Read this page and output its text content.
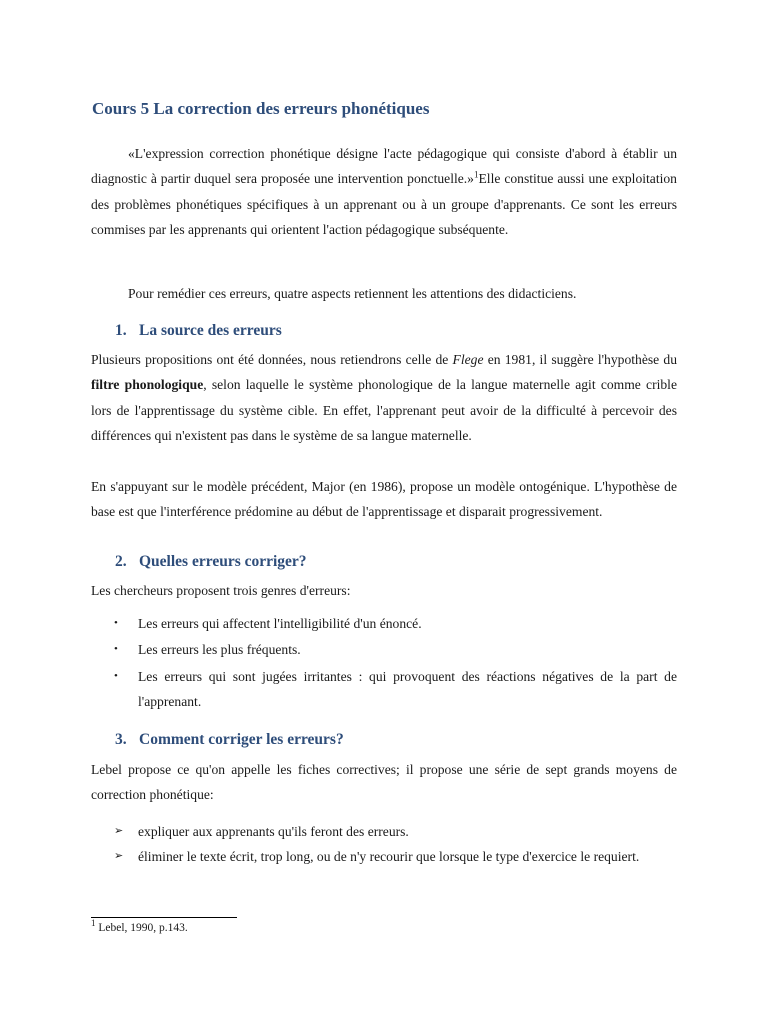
Cours 5 La correction des erreurs phonétiques

«L'expression correction phonétique désigne l'acte pédagogique qui consiste d'abord à établir un diagnostic à partir duquel sera proposée une intervention ponctuelle.»$^1$Elle constitue aussi une exploitation des problèmes phonétiques spécifiques à un apprenant ou à un groupe d'apprenants. Ce sont les erreurs commises par les apprenants qui orientent l'action pédagogique subséquente.

Pour remédier ces erreurs, quatre aspects retiennent les attentions des didacticiens.

1. La source des erreurs

Plusieurs propositions ont été données, nous retiendrons celle de Flege en 1981, il suggère l'hypothèse du filtre phonologique, selon laquelle le système phonologique de la langue maternelle agit comme crible lors de l'apprentissage du système cible. En effet, l'apprenant peut avoir de la difficulté à percevoir des différences qui n'existent pas dans le système de sa langue maternelle.

En s'appuyant sur le modèle précédent, Major (en 1986), propose un modèle ontogénique. L'hypothèse de base est que l'interférence prédomine au début de l'apprentissage et disparait progressivement.

2. Quelles erreurs corriger?

Les chercheurs proposent trois genres d'erreurs:

• Les erreurs qui affectent l'intelligibilité d'un énoncé.
• Les erreurs les plus fréquents.
• Les erreurs qui sont jugées irritantes : qui provoquent des réactions négatives de la part de l'apprenant.
3. Comment corriger les erreurs?

Lebel propose ce qu'on appelle les fiches correctives; il propose une série de sept grands moyens de correction phonétique:

➢ expliquer aux apprenants qu'ils feront des erreurs.
➢ éliminer le texte écrit, trop long, ou de n'y recourir que lorsque le type d'exercice le requiert.

$^1$ Lebel, 1990, p.143.
